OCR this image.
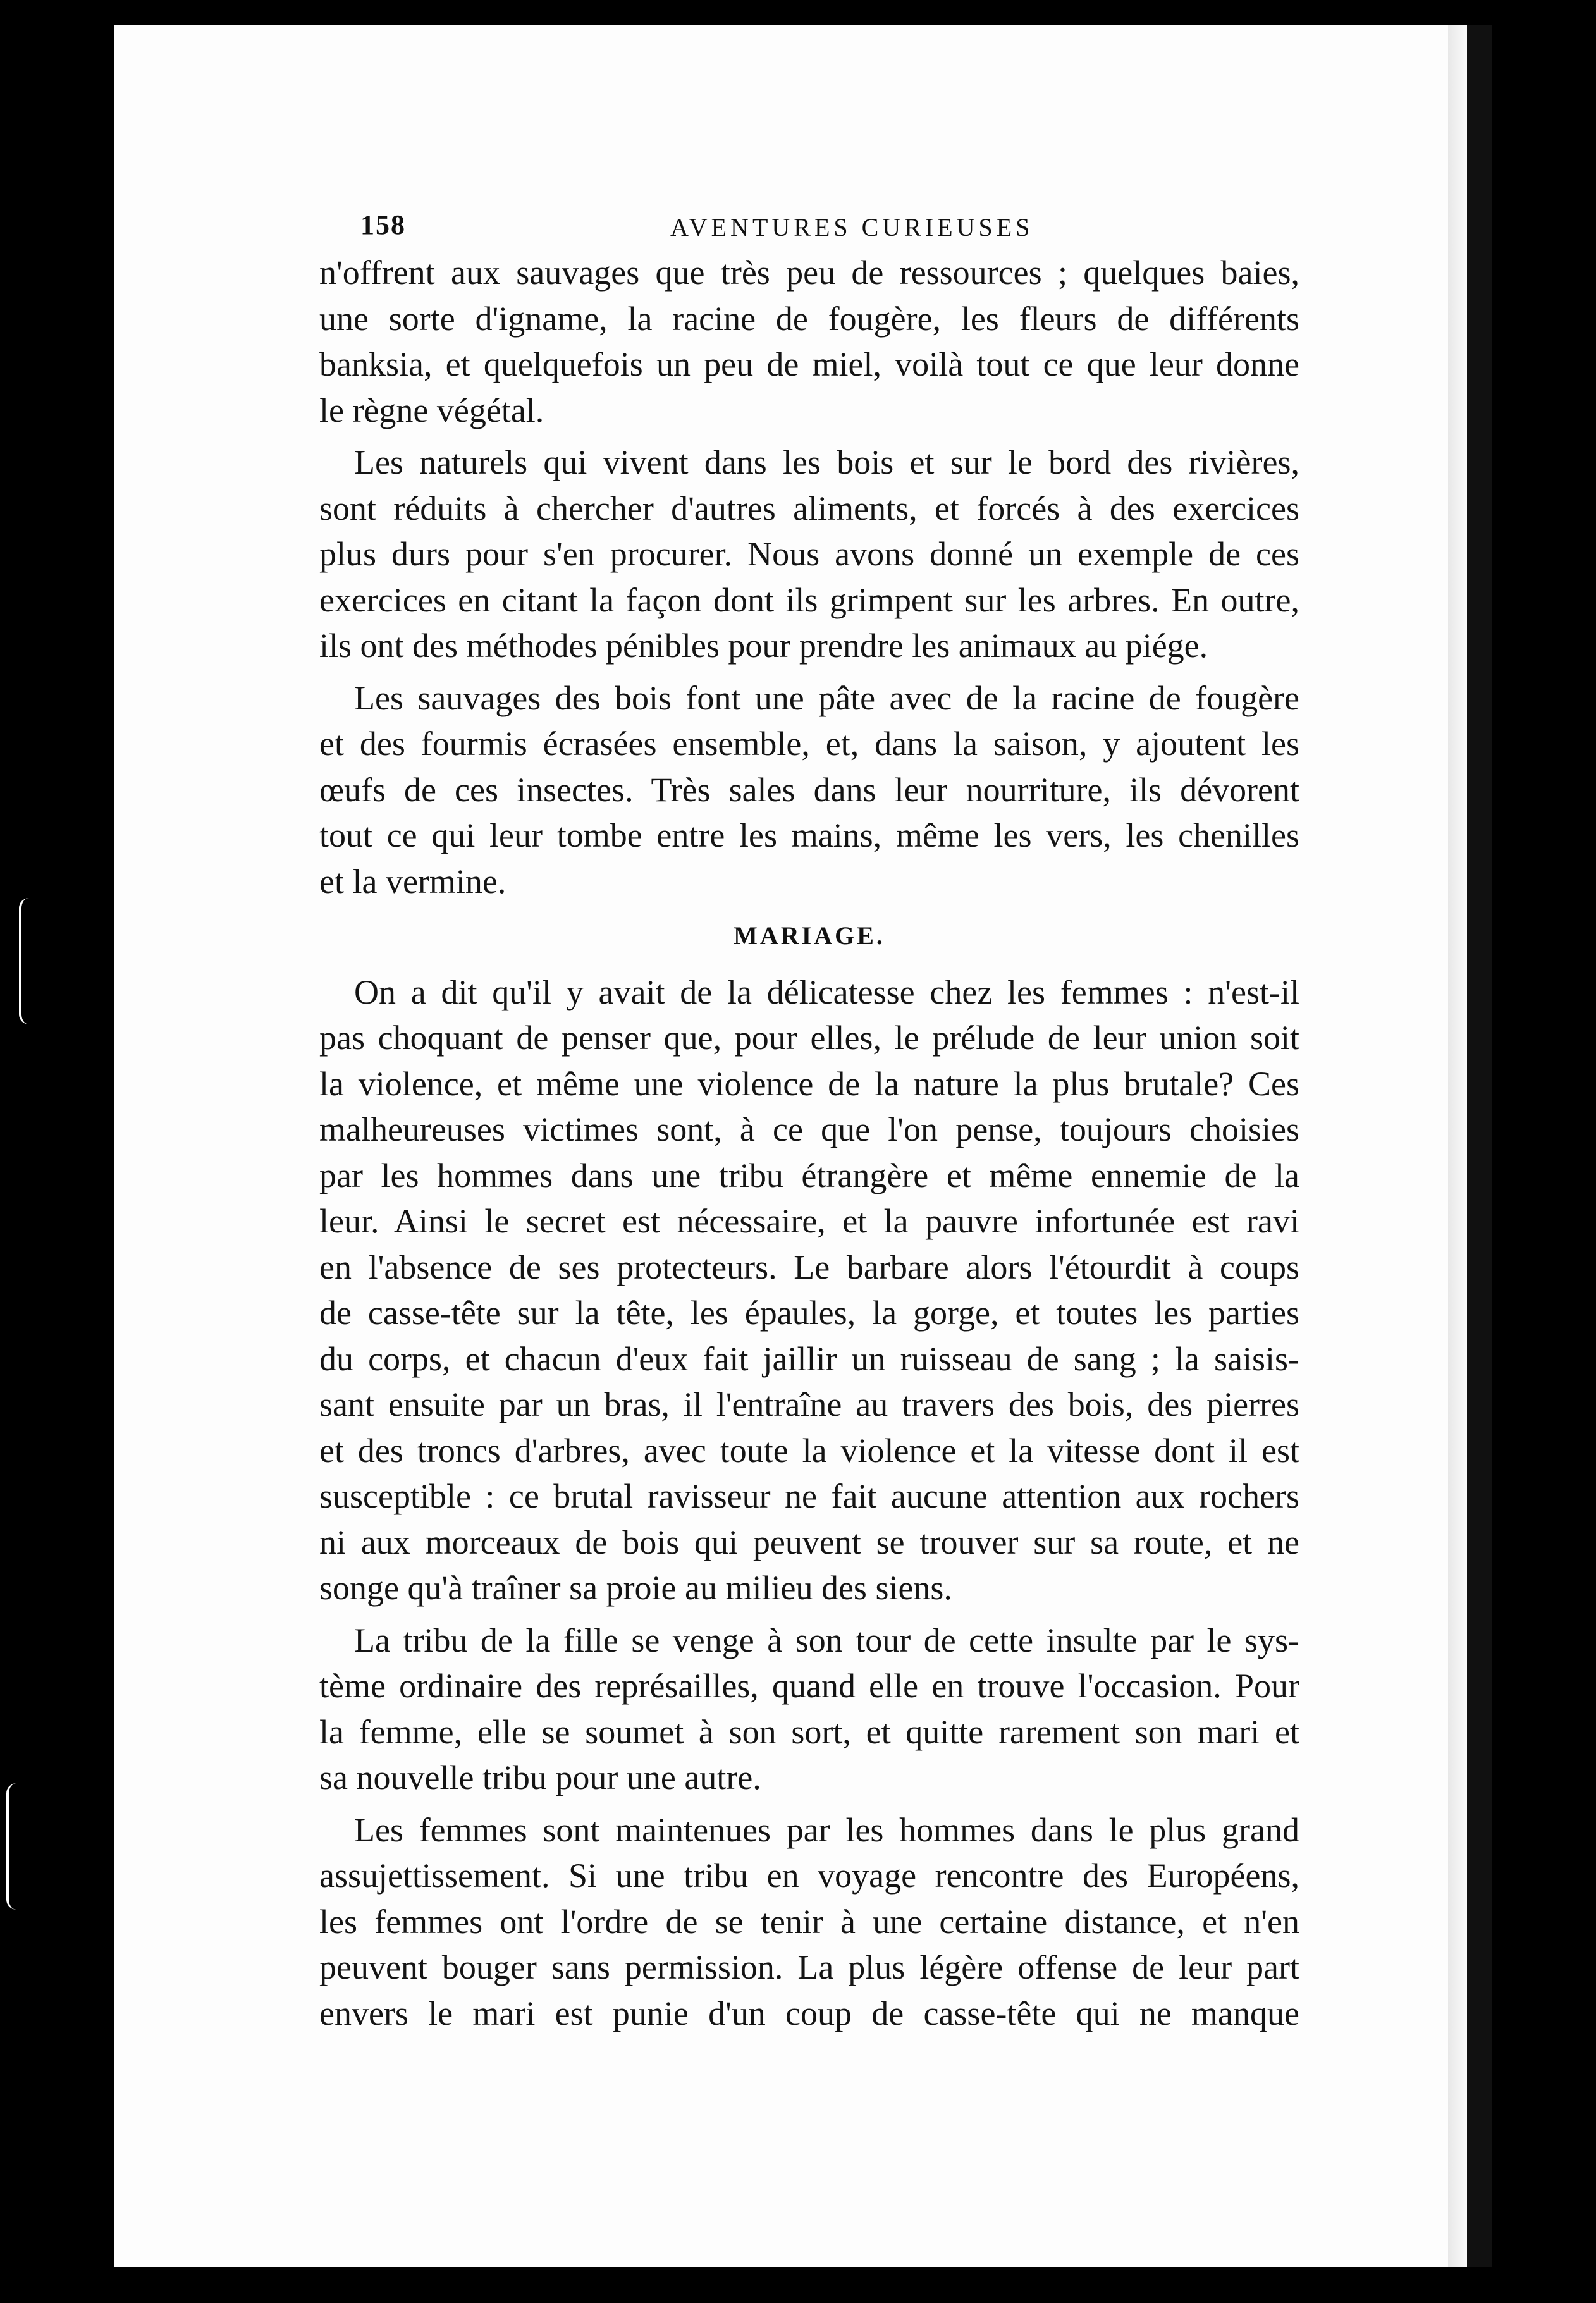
158	AVENTURES CURIEUSES

n'offrent aux sauvages que très peu de ressources ; quelques baies,
une sorte d'igname, la racine de fougère, les fleurs de différents
banksia, et quelquefois un peu de miel, voilà tout ce que leur donne
le règne végétal.

Les naturels qui vivent dans les bois et sur le bord des rivières,
sont réduits à chercher d'autres aliments, et forcés à des exercices
plus durs pour s'en procurer. Nous avons donné un exemple de ces
exercices en citant la façon dont ils grimpent sur les arbres. En outre,
ils ont des méthodes pénibles pour prendre les animaux au piége.

Les sauvages des bois font une pâte avec de la racine de fougère
et des fourmis écrasées ensemble, et, dans la saison, y ajoutent les
œufs de ces insectes. Très sales dans leur nourriture, ils dévorent
tout ce qui leur tombe entre les mains, même les vers, les chenilles
et la vermine.

MARIAGE.

On a dit qu'il y avait de la délicatesse chez les femmes : n'est-il
pas choquant de penser que, pour elles, le prélude de leur union soit
la violence, et même une violence de la nature la plus brutale? Ces
malheureuses victimes sont, à ce que l'on pense, toujours choisies
par les hommes dans une tribu étrangère et même ennemie de la
leur. Ainsi le secret est nécessaire, et la pauvre infortunée est ravi
en l'absence de ses protecteurs. Le barbare alors l'étourdit à coups
de casse-tête sur la tête, les épaules, la gorge, et toutes les parties
du corps, et chacun d'eux fait jaillir un ruisseau de sang ; la saisis-
sant ensuite par un bras, il l'entraîne au travers des bois, des pierres
et des troncs d'arbres, avec toute la violence et la vitesse dont il est
susceptible : ce brutal ravisseur ne fait aucune attention aux rochers
ni aux morceaux de bois qui peuvent se trouver sur sa route, et ne
songe qu'à traîner sa proie au milieu des siens.

La tribu de la fille se venge à son tour de cette insulte par le sys-
tème ordinaire des représailles, quand elle en trouve l'occasion. Pour
la femme, elle se soumet à son sort, et quitte rarement son mari et
sa nouvelle tribu pour une autre.

Les femmes sont maintenues par les hommes dans le plus grand
assujettissement. Si une tribu en voyage rencontre des Européens,
les femmes ont l'ordre de se tenir à une certaine distance, et n'en
peuvent bouger sans permission. La plus légère offense de leur part
envers le mari est punie d'un coup de casse-tête qui ne manque
